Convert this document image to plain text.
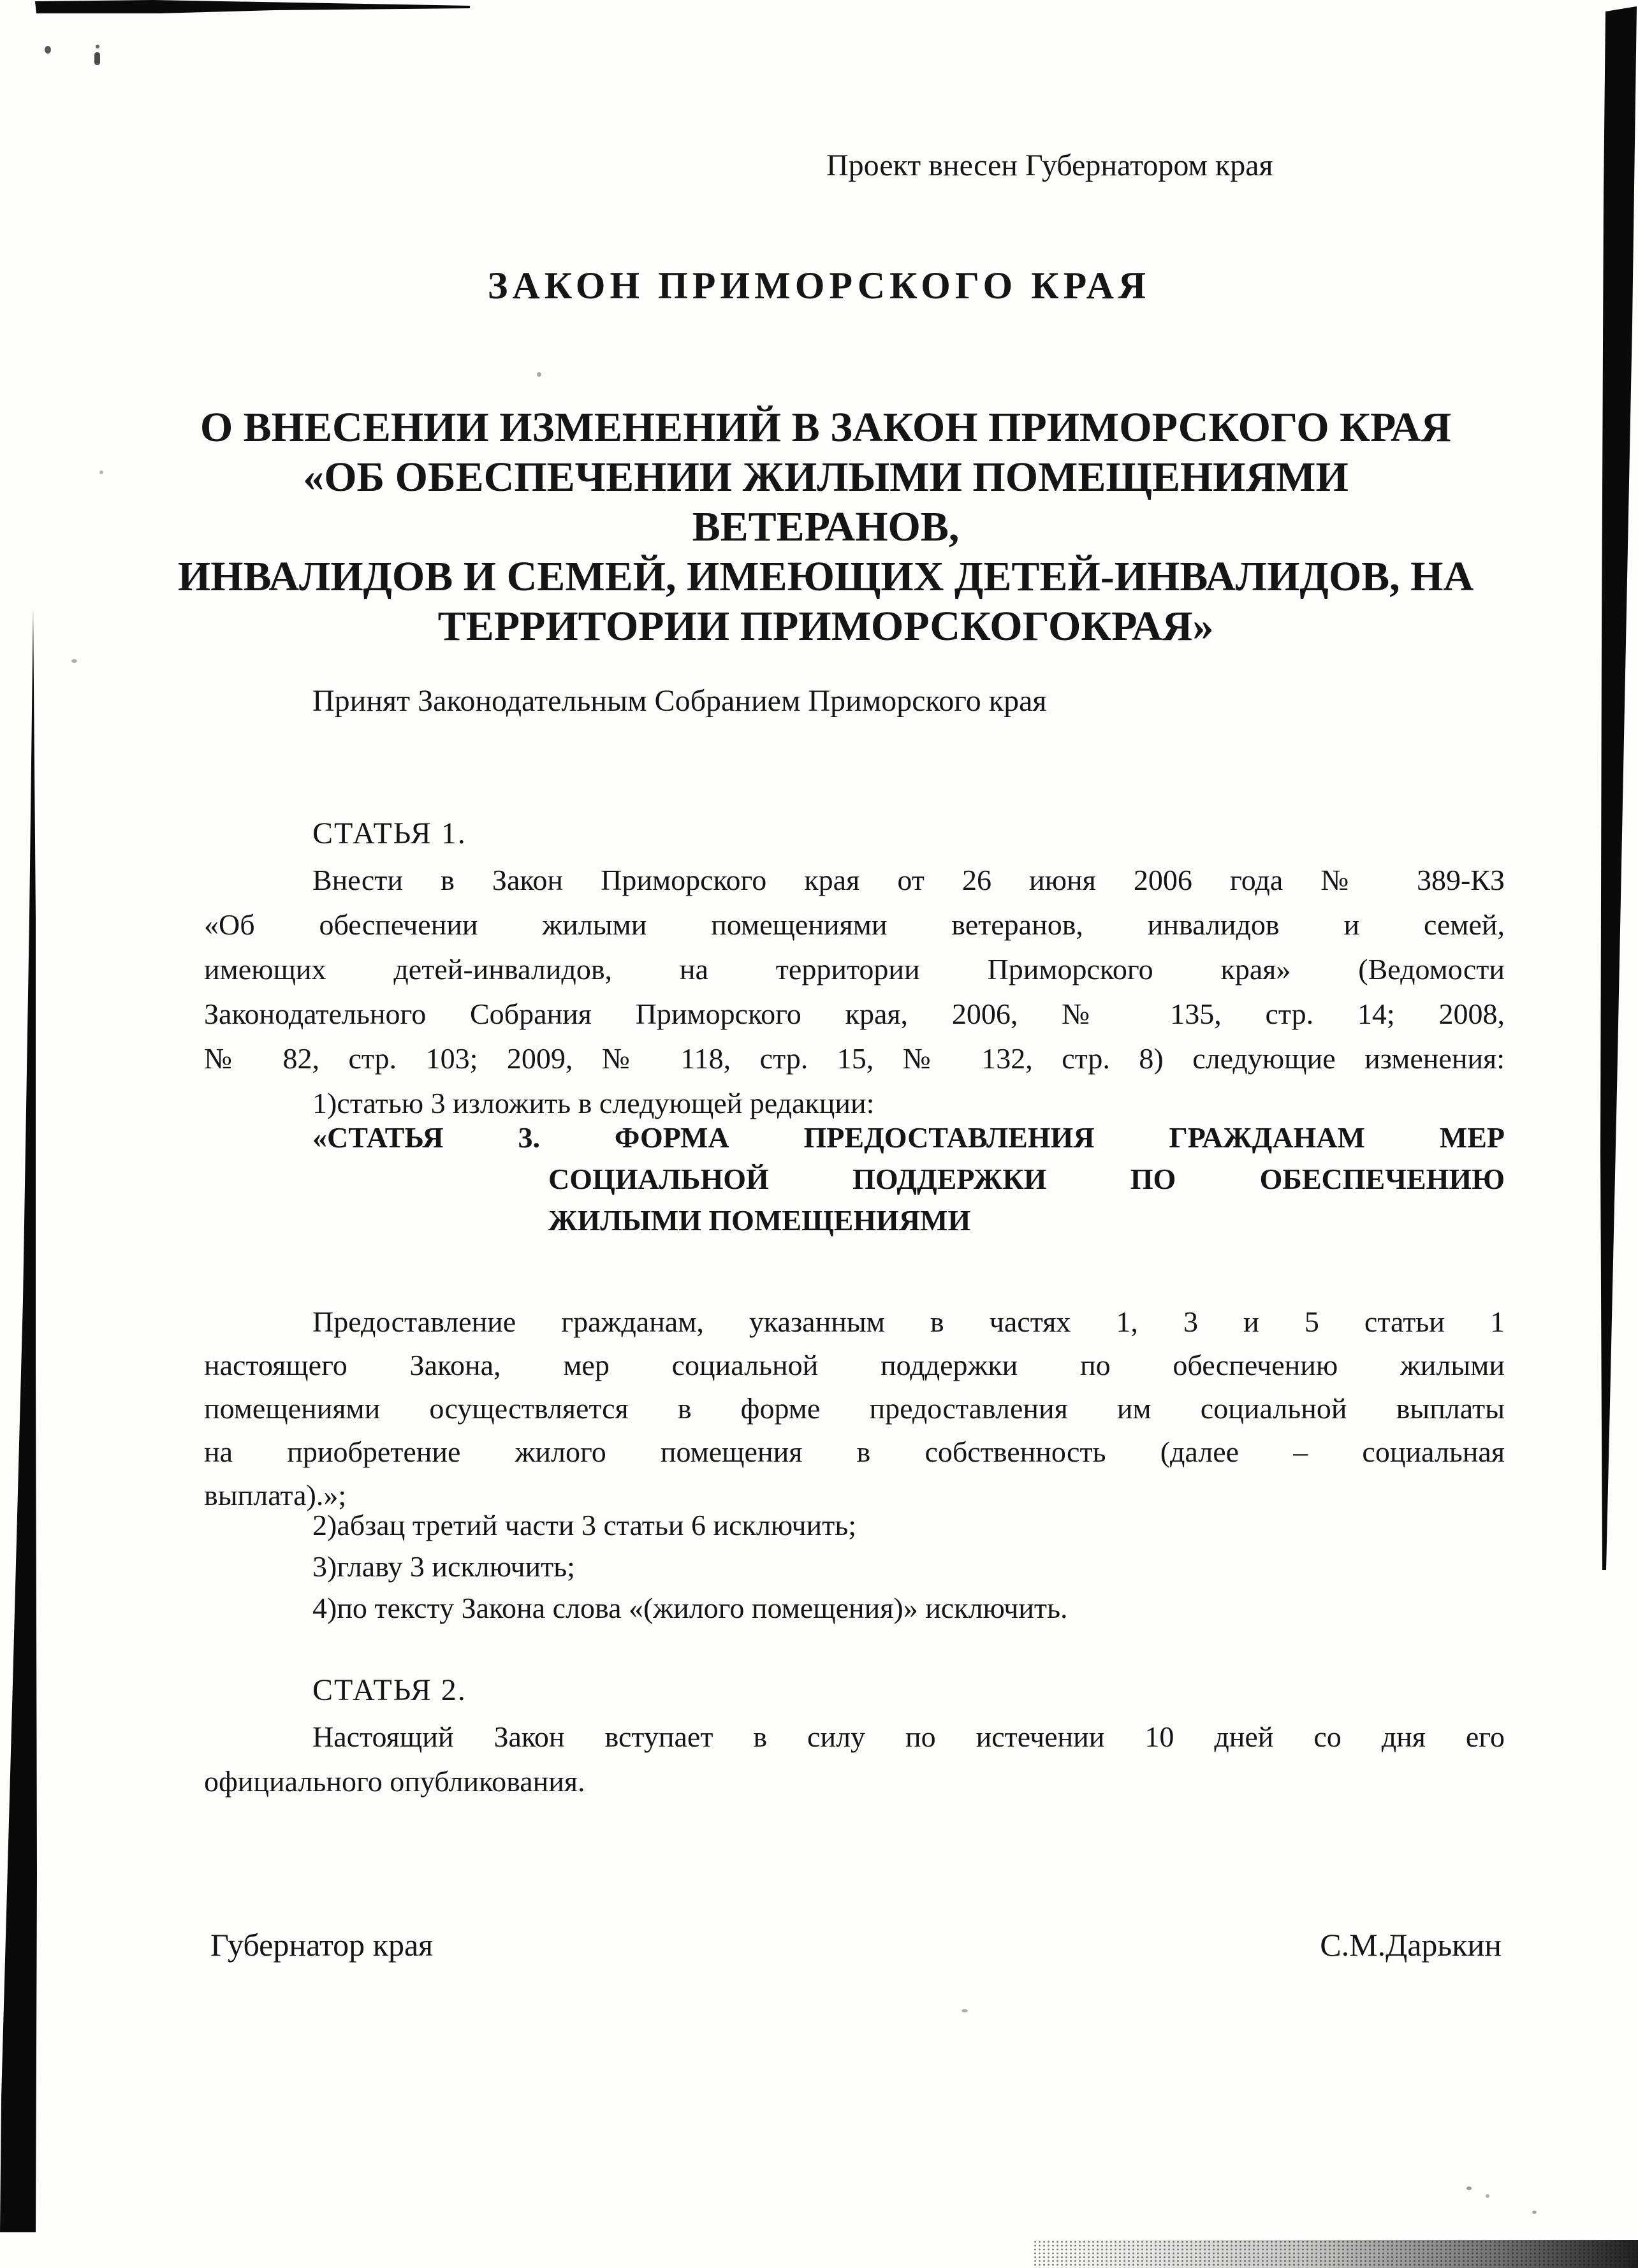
Проект внесен Губернатором края
ЗАКОН ПРИМОРСКОГО КРАЯ
О ВНЕСЕНИИ ИЗМЕНЕНИЙ В ЗАКОН ПРИМОРСКОГО КРАЯ
«ОБ ОБЕСПЕЧЕНИИ ЖИЛЫМИ ПОМЕЩЕНИЯМИ ВЕТЕРАНОВ,
ИНВАЛИДОВ И СЕМЕЙ, ИМЕЮЩИХ ДЕТЕЙ-ИНВАЛИДОВ, НА
ТЕРРИТОРИИ ПРИМОРСКОГОКРАЯ»
Принят Законодательным Собранием Приморского края
СТАТЬЯ 1.
Внести в Закон Приморского края от 26 июня 2006 года № 389-КЗ
«Об обеспечении жилыми помещениями ветеранов, инвалидов и семей,
имеющих детей-инвалидов, на территории Приморского края» (Ведомости
Законодательного Собрания Приморского края, 2006, № 135, стр. 14; 2008,
№ 82, стр. 103; 2009, № 118, стр. 15, № 132, стр. 8) следующие изменения:
1)статью 3 изложить в следующей редакции:
«СТАТЬЯ 3. ФОРМА ПРЕДОСТАВЛЕНИЯ ГРАЖДАНАМ МЕР
СОЦИАЛЬНОЙ ПОДДЕРЖКИ ПО ОБЕСПЕЧЕНИЮ
ЖИЛЫМИ ПОМЕЩЕНИЯМИ
Предоставление гражданам, указанным в частях 1, 3 и 5 статьи 1
настоящего Закона, мер социальной поддержки по обеспечению жилыми
помещениями осуществляется в форме предоставления им социальной выплаты
на приобретение жилого помещения в собственность (далее – социальная
выплата).»;
2)абзац третий части 3 статьи 6 исключить;
3)главу 3 исключить;
4)по тексту Закона слова «(жилого помещения)» исключить.
СТАТЬЯ 2.
Настоящий Закон вступает в силу по истечении 10 дней со дня его
официального опубликования.
Губернатор края	С.М.Дарькин
